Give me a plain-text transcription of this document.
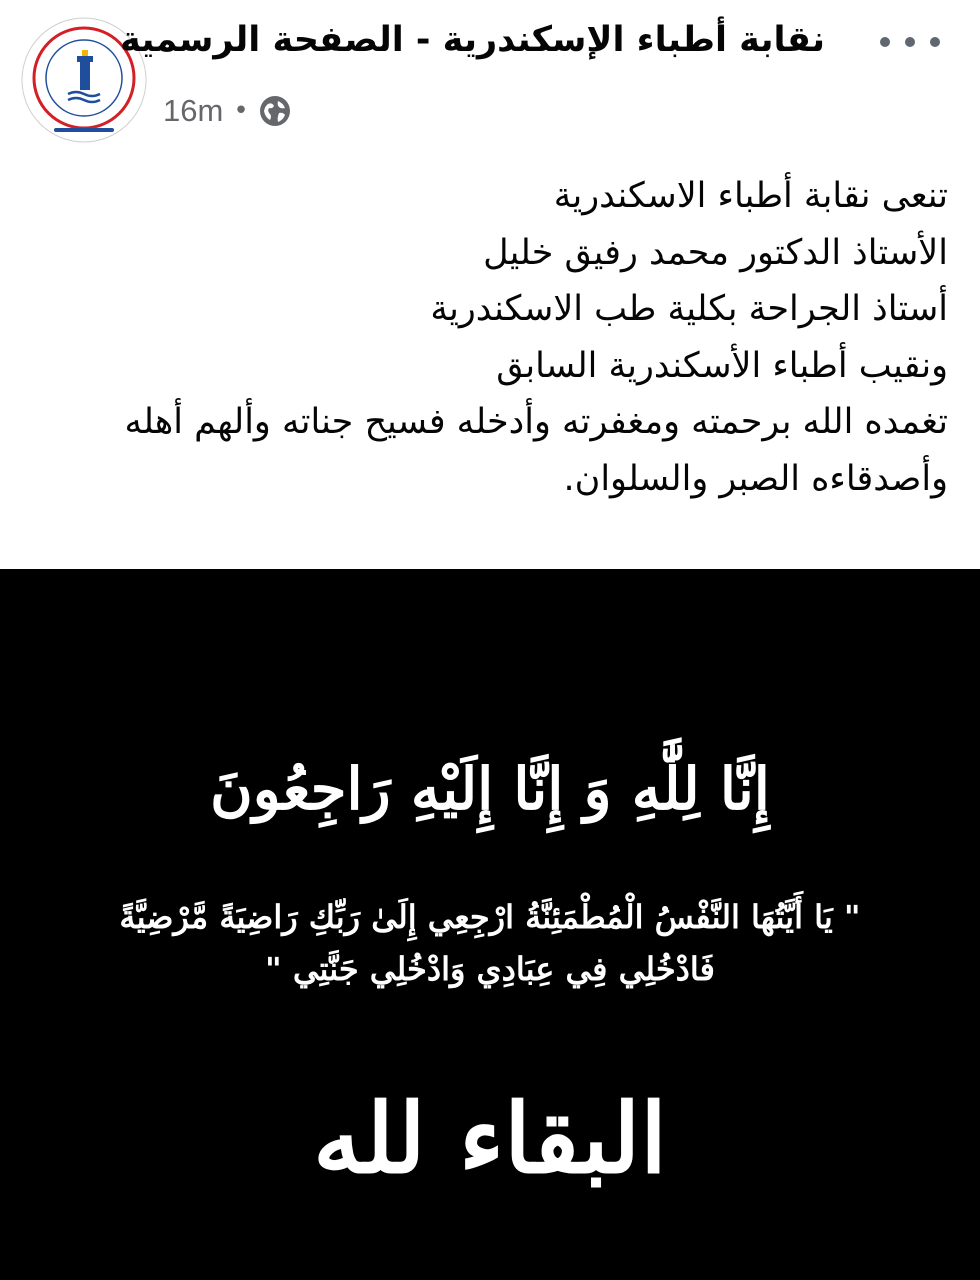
نقابة أطباء الإسكندرية - الصفحة الرسمية
16m •
تنعى نقابة أطباء الاسكندرية
الأستاذ الدكتور محمد رفيق خليل
أستاذ الجراحة بكلية طب الاسكندرية
ونقيب أطباء الأسكندرية السابق
تغمده الله برحمته ومغفرته وأدخله فسيح جناته وألهم أهله
وأصدقاءه الصبر والسلوان.
إِنَّا لِلَّٰهِ وَ إِنَّا إِلَيْهِ رَاجِعُونَ
" يَا أَيَّتُهَا النَّفْسُ الْمُطْمَئِنَّةُ ارْجِعِي إِلَىٰ رَبِّكِ رَاضِيَةً مَّرْضِيَّةً
فَادْخُلِي فِي عِبَادِي وَادْخُلِي جَنَّتِي "
البقاء لله
